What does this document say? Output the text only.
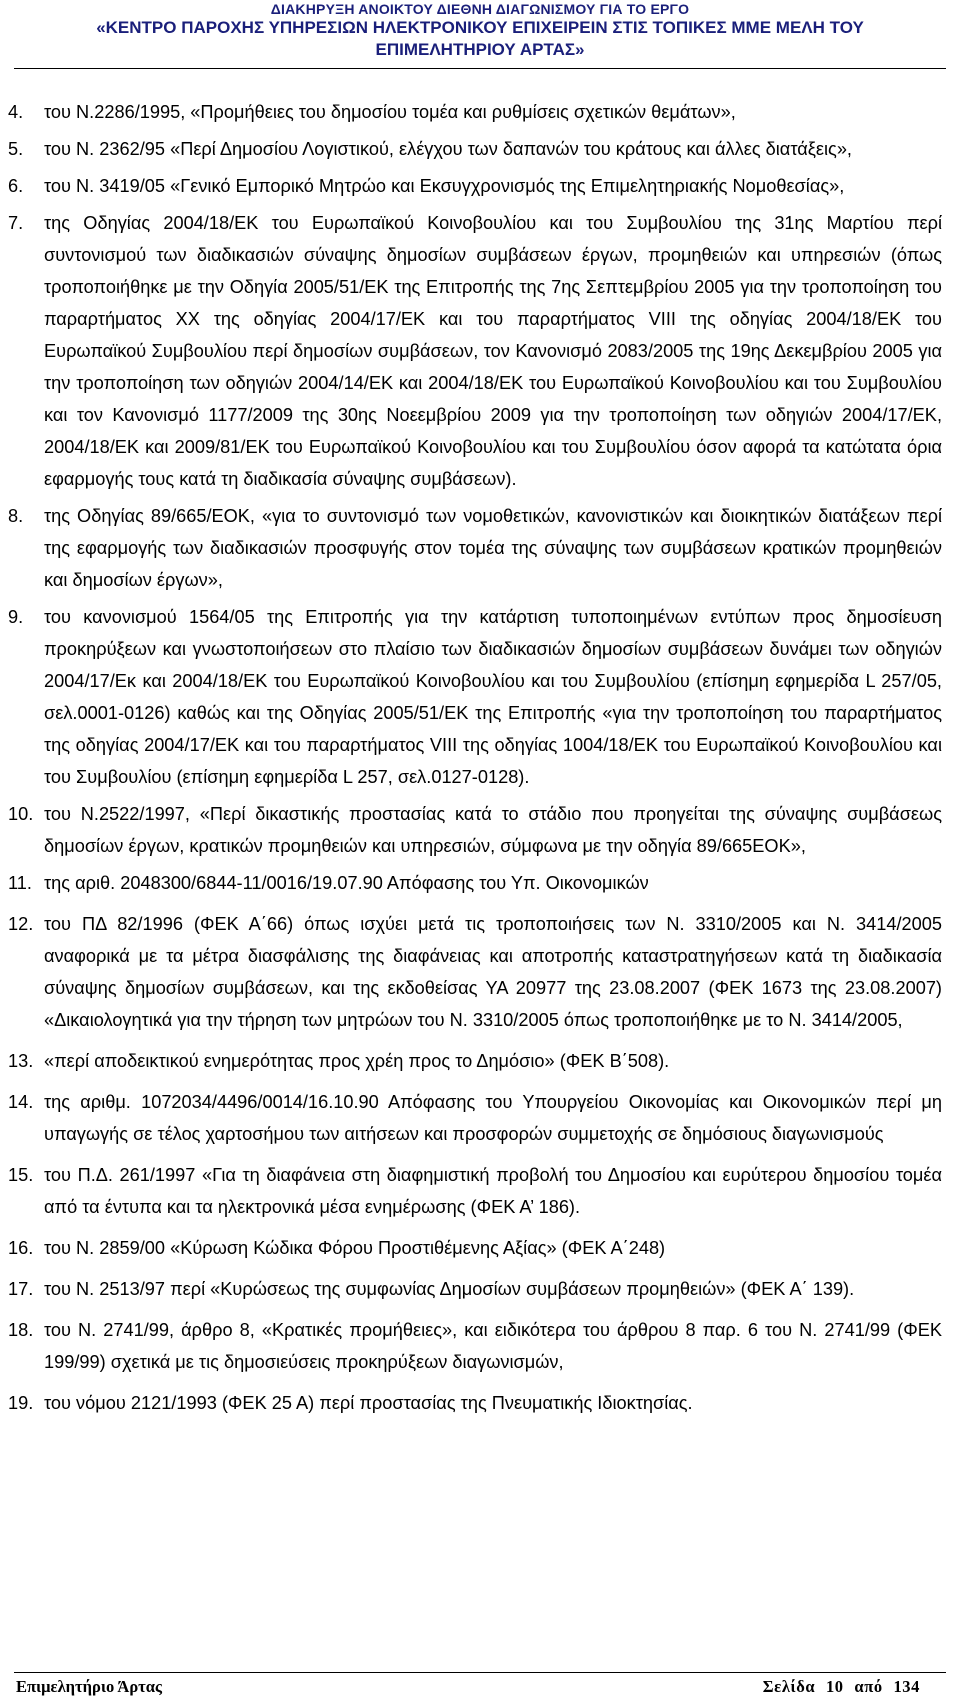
ΔΙΑΚΗΡΥΞΗ ΑΝΟΙΚΤΟΥ ΔΙΕΘΝΗ ΔΙΑΓΩΝΙΣΜΟΥ ΓΙΑ ΤΟ ΕΡΓΟ
«ΚΕΝΤΡΟ ΠΑΡΟΧΗΣ ΥΠΗΡΕΣΙΩΝ ΗΛΕΚΤΡΟΝΙΚΟΥ ΕΠΙΧΕΙΡΕΙΝ ΣΤΙΣ ΤΟΠΙΚΕΣ ΜΜΕ ΜΕΛΗ ΤΟΥ
ΕΠΙΜΕΛΗΤΗΡΙΟΥ ΑΡΤΑΣ»
4. του Ν.2286/1995, «Προμήθειες του δημοσίου τομέα και ρυθμίσεις σχετικών θεμάτων»,
5. του Ν. 2362/95 «Περί Δημοσίου Λογιστικού, ελέγχου των δαπανών του κράτους και άλλες διατάξεις»,
6. του Ν. 3419/05 «Γενικό Εμπορικό Μητρώο και Εκσυγχρονισμός της Επιμελητηριακής Νομοθεσίας»,
7. της Οδηγίας 2004/18/ΕΚ του Ευρωπαϊκού Κοινοβουλίου και του Συμβουλίου της 31ης Μαρτίου περί συντονισμού των διαδικασιών σύναψης δημοσίων συμβάσεων έργων, προμηθειών και υπηρεσιών (όπως τροποποιήθηκε με την Οδηγία 2005/51/ΕΚ της Επιτροπής της 7ης Σεπτεμβρίου 2005 για την τροποποίηση του παραρτήματος ΧΧ της οδηγίας 2004/17/ΕΚ και του παραρτήματος VIII της οδηγίας 2004/18/ΕΚ του Ευρωπαϊκού Συμβουλίου περί δημοσίων συμβάσεων, τον Κανονισμό 2083/2005 της 19ης Δεκεμβρίου 2005 για την τροποποίηση των οδηγιών 2004/14/ΕΚ και 2004/18/ΕΚ του Ευρωπαϊκού Κοινοβουλίου και του Συμβουλίου και τον Κανονισμό 1177/2009 της 30ης Νοεεμβρίου 2009 για την τροποποίηση των οδηγιών 2004/17/ΕΚ, 2004/18/ΕΚ και 2009/81/ΕΚ του Ευρωπαϊκού Κοινοβουλίου και του Συμβουλίου όσον αφορά τα κατώτατα όρια εφαρμογής τους κατά τη διαδικασία σύναψης συμβάσεων).
8. της Οδηγίας 89/665/ΕΟΚ, «για το συντονισμό των νομοθετικών, κανονιστικών και διοικητικών διατάξεων περί της εφαρμογής των διαδικασιών προσφυγής στον τομέα της σύναψης των συμβάσεων κρατικών προμηθειών και δημοσίων έργων»,
9. του κανονισμού 1564/05 της Επιτροπής για την κατάρτιση τυποποιημένων εντύπων προς δημοσίευση προκηρύξεων και γνωστοποιήσεων στο πλαίσιο των διαδικασιών δημοσίων συμβάσεων δυνάμει των οδηγιών 2004/17/Εκ και 2004/18/ΕΚ του Ευρωπαϊκού Κοινοβουλίου και του Συμβουλίου (επίσημη εφημερίδα L 257/05, σελ.0001-0126) καθώς και της Οδηγίας 2005/51/ΕΚ της Επιτροπής «για την τροποποίηση του παραρτήματος της οδηγίας 2004/17/ΕΚ και του παραρτήματος VIII της οδηγίας 1004/18/ΕΚ του Ευρωπαϊκού Κοινοβουλίου και του Συμβουλίου (επίσημη εφημερίδα L 257, σελ.0127-0128).
10. του Ν.2522/1997, «Περί δικαστικής προστασίας κατά το στάδιο που προηγείται της σύναψης συμβάσεως δημοσίων έργων, κρατικών προμηθειών και υπηρεσιών, σύμφωνα με την οδηγία 89/665ΕΟΚ»,
11. της αριθ. 2048300/6844-11/0016/19.07.90 Απόφασης του Υπ. Οικονομικών
12. του ΠΔ 82/1996 (ΦΕΚ Α΄66) όπως ισχύει μετά τις τροποποιήσεις των Ν. 3310/2005 και Ν. 3414/2005 αναφορικά με τα μέτρα διασφάλισης της διαφάνειας και αποτροπής καταστρατηγήσεων κατά τη διαδικασία σύναψης δημοσίων συμβάσεων, και της εκδοθείσας ΥΑ 20977 της 23.08.2007 (ΦΕΚ 1673 της 23.08.2007) «Δικαιολογητικά για την τήρηση των μητρώων του Ν. 3310/2005 όπως τροποποιήθηκε με το Ν. 3414/2005,
13. «περί αποδεικτικού ενημερότητας προς χρέη προς το Δημόσιο» (ΦΕΚ Β΄508).
14. της αριθμ. 1072034/4496/0014/16.10.90 Απόφασης του Υπουργείου Οικονομίας και Οικονομικών περί μη υπαγωγής σε τέλος χαρτοσήμου των αιτήσεων και προσφορών συμμετοχής σε δημόσιους διαγωνισμούς
15. του Π.Δ. 261/1997 «Για τη διαφάνεια στη διαφημιστική προβολή του Δημοσίου και ευρύτερου δημοσίου τομέα από τα έντυπα και τα ηλεκτρονικά μέσα ενημέρωσης (ΦΕΚ Α’ 186).
16. του Ν. 2859/00 «Κύρωση Κώδικα Φόρου Προστιθέμενης Αξίας» (ΦΕΚ Α΄248)
17. του Ν. 2513/97 περί «Κυρώσεως της συμφωνίας Δημοσίων συμβάσεων προμηθειών» (ΦΕΚ Α΄ 139).
18. του Ν. 2741/99, άρθρο 8, «Κρατικές προμήθειες», και ειδικότερα του άρθρου 8 παρ. 6 του Ν. 2741/99 (ΦΕΚ 199/99) σχετικά με τις δημοσιεύσεις προκηρύξεων διαγωνισμών,
19. του νόμου 2121/1993 (ΦΕΚ 25 Α) περί προστασίας της Πνευματικής Ιδιοκτησίας.
Επιμελητήριο Άρτας	Σελίδα 10 από 134
